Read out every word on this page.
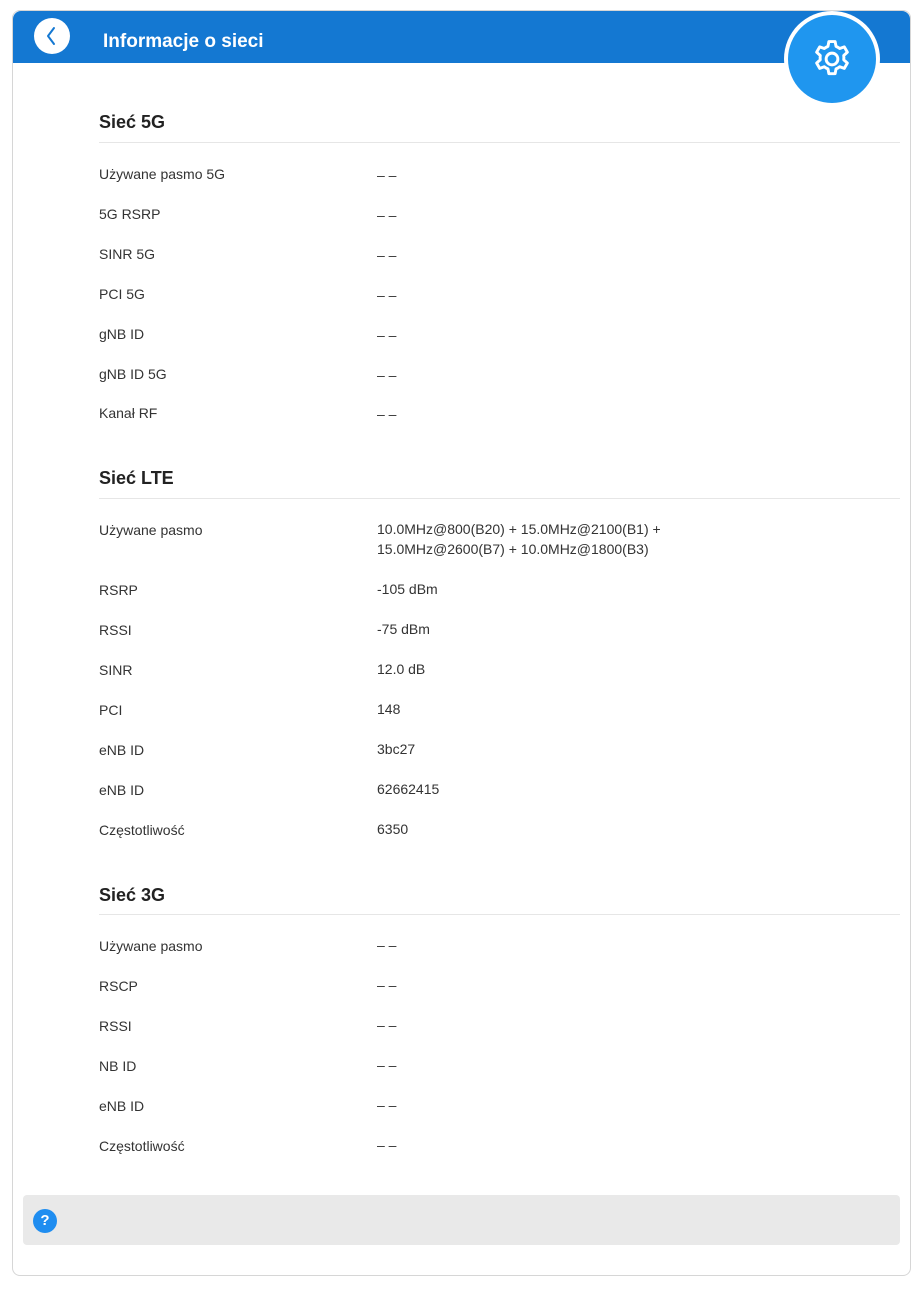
Informacje o sieci
Sieć 5G
Używane pasmo 5G	– –
5G RSRP	– –
SINR 5G	– –
PCI 5G	– –
gNB ID	– –
gNB ID 5G	– –
Kanał RF	– –
Sieć LTE
Używane pasmo	10.0MHz@800(B20) + 15.0MHz@2100(B1) +
15.0MHz@2600(B7) + 10.0MHz@1800(B3)
RSRP	-105 dBm
RSSI	-75 dBm
SINR	12.0 dB
PCI	148
eNB ID	3bc27
eNB ID	62662415
Częstotliwość	6350
Sieć 3G
Używane pasmo	– –
RSCP	– –
RSSI	– –
NB ID	– –
eNB ID	– –
Częstotliwość	– –
?
